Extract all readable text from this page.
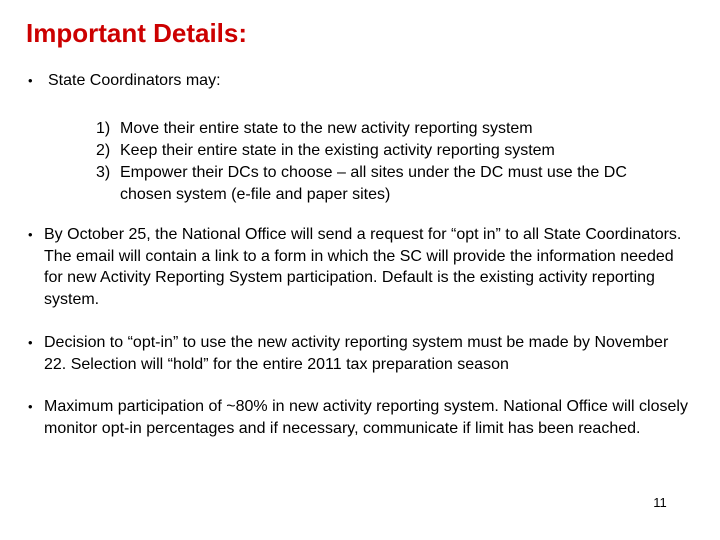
Important Details:
• State Coordinators may:
1) Move their entire state to the new activity reporting system
2) Keep their entire state in the existing activity reporting system
3) Empower their DCs to choose – all sites under the DC must use the DC chosen system (e-file and paper sites)
• By October 25, the National Office will send a request for “opt in” to all State Coordinators. The email will contain a link to a form in which the SC will provide the information needed for new Activity Reporting System participation. Default is the existing activity reporting system.
• Decision to “opt-in” to use the new activity reporting system must be made by November 22. Selection will “hold” for the entire 2011 tax preparation season
• Maximum participation of ~80% in new activity reporting system. National Office will closely monitor opt-in percentages and if necessary, communicate if limit has been reached.
11
